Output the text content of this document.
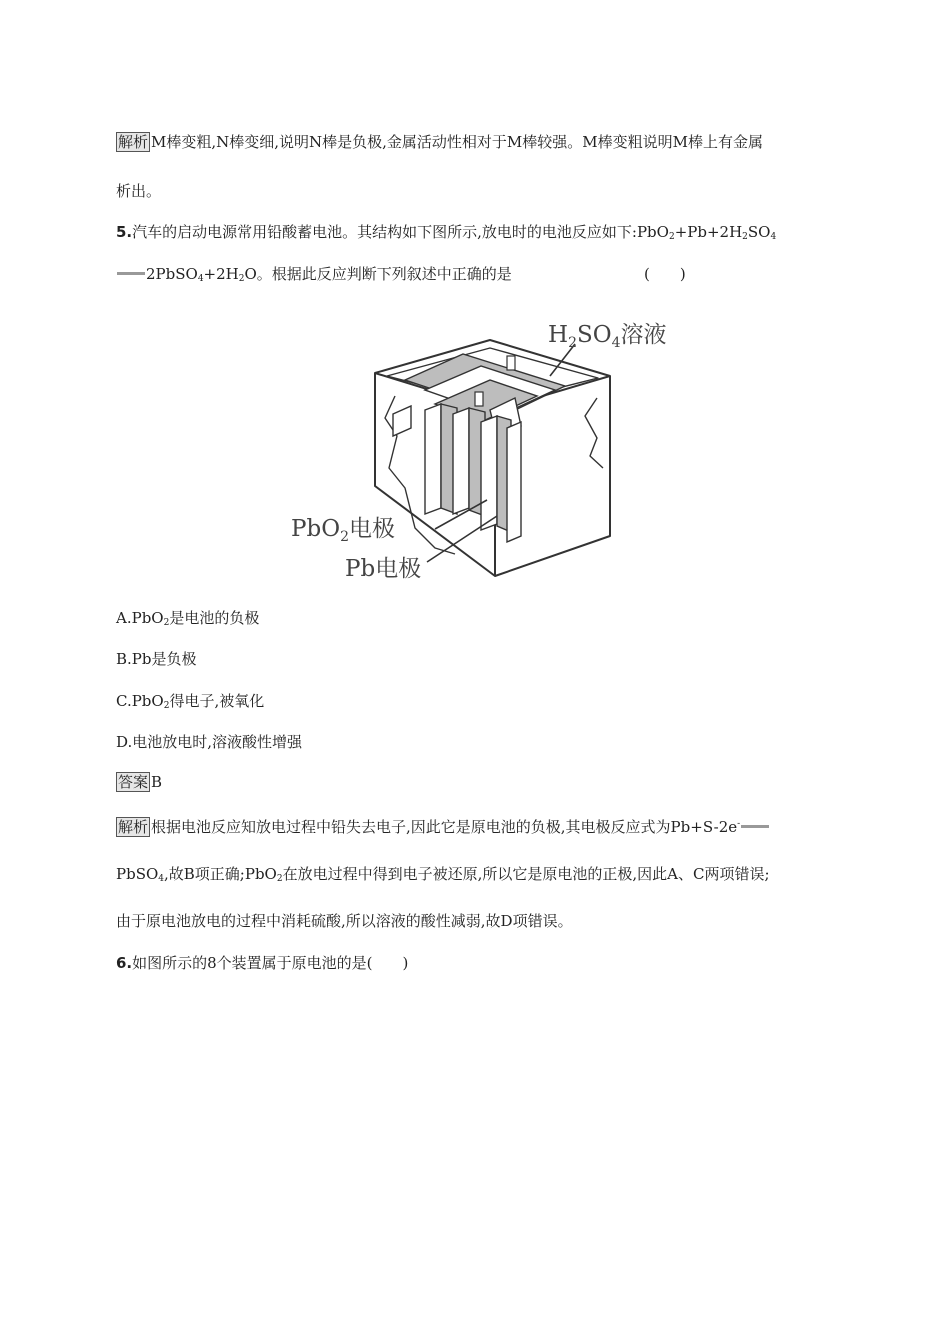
解析 M棒变粗,N棒变细,说明N棒是负极,金属活动性相对于M棒较强。M棒变粗说明M棒上有金属
析出。
5.汽车的启动电源常用铅酸蓄电池。其结构如下图所示,放电时的电池反应如下$:PbO_2+Pb+2H_2SO_4$
$2PbSO_4+2H_2O$。根据此反应判断下列叙述中正确的是	(　　)
$H_2SO_4$溶液
PbO$_2$电极
Pb电极
A.PbO$_2$是电池的负极
B.Pb是负极
C.PbO$_2$得电子,被氧化
D.电池放电时,溶液酸性增强
答案 B
解析 根据电池反应知放电过程中铅失去电子,因此它是原电池的负极,其电极反应式为Pb+S-2e-
PbSO$_4$,故B项正确;PbO$_2$在放电过程中得到电子被还原,所以它是原电池的正极,因此A、C两项错误;
由于原电池放电的过程中消耗硫酸,所以溶液的酸性减弱,故D项错误。
6.如图所示的8个装置属于原电池的是(　　)
